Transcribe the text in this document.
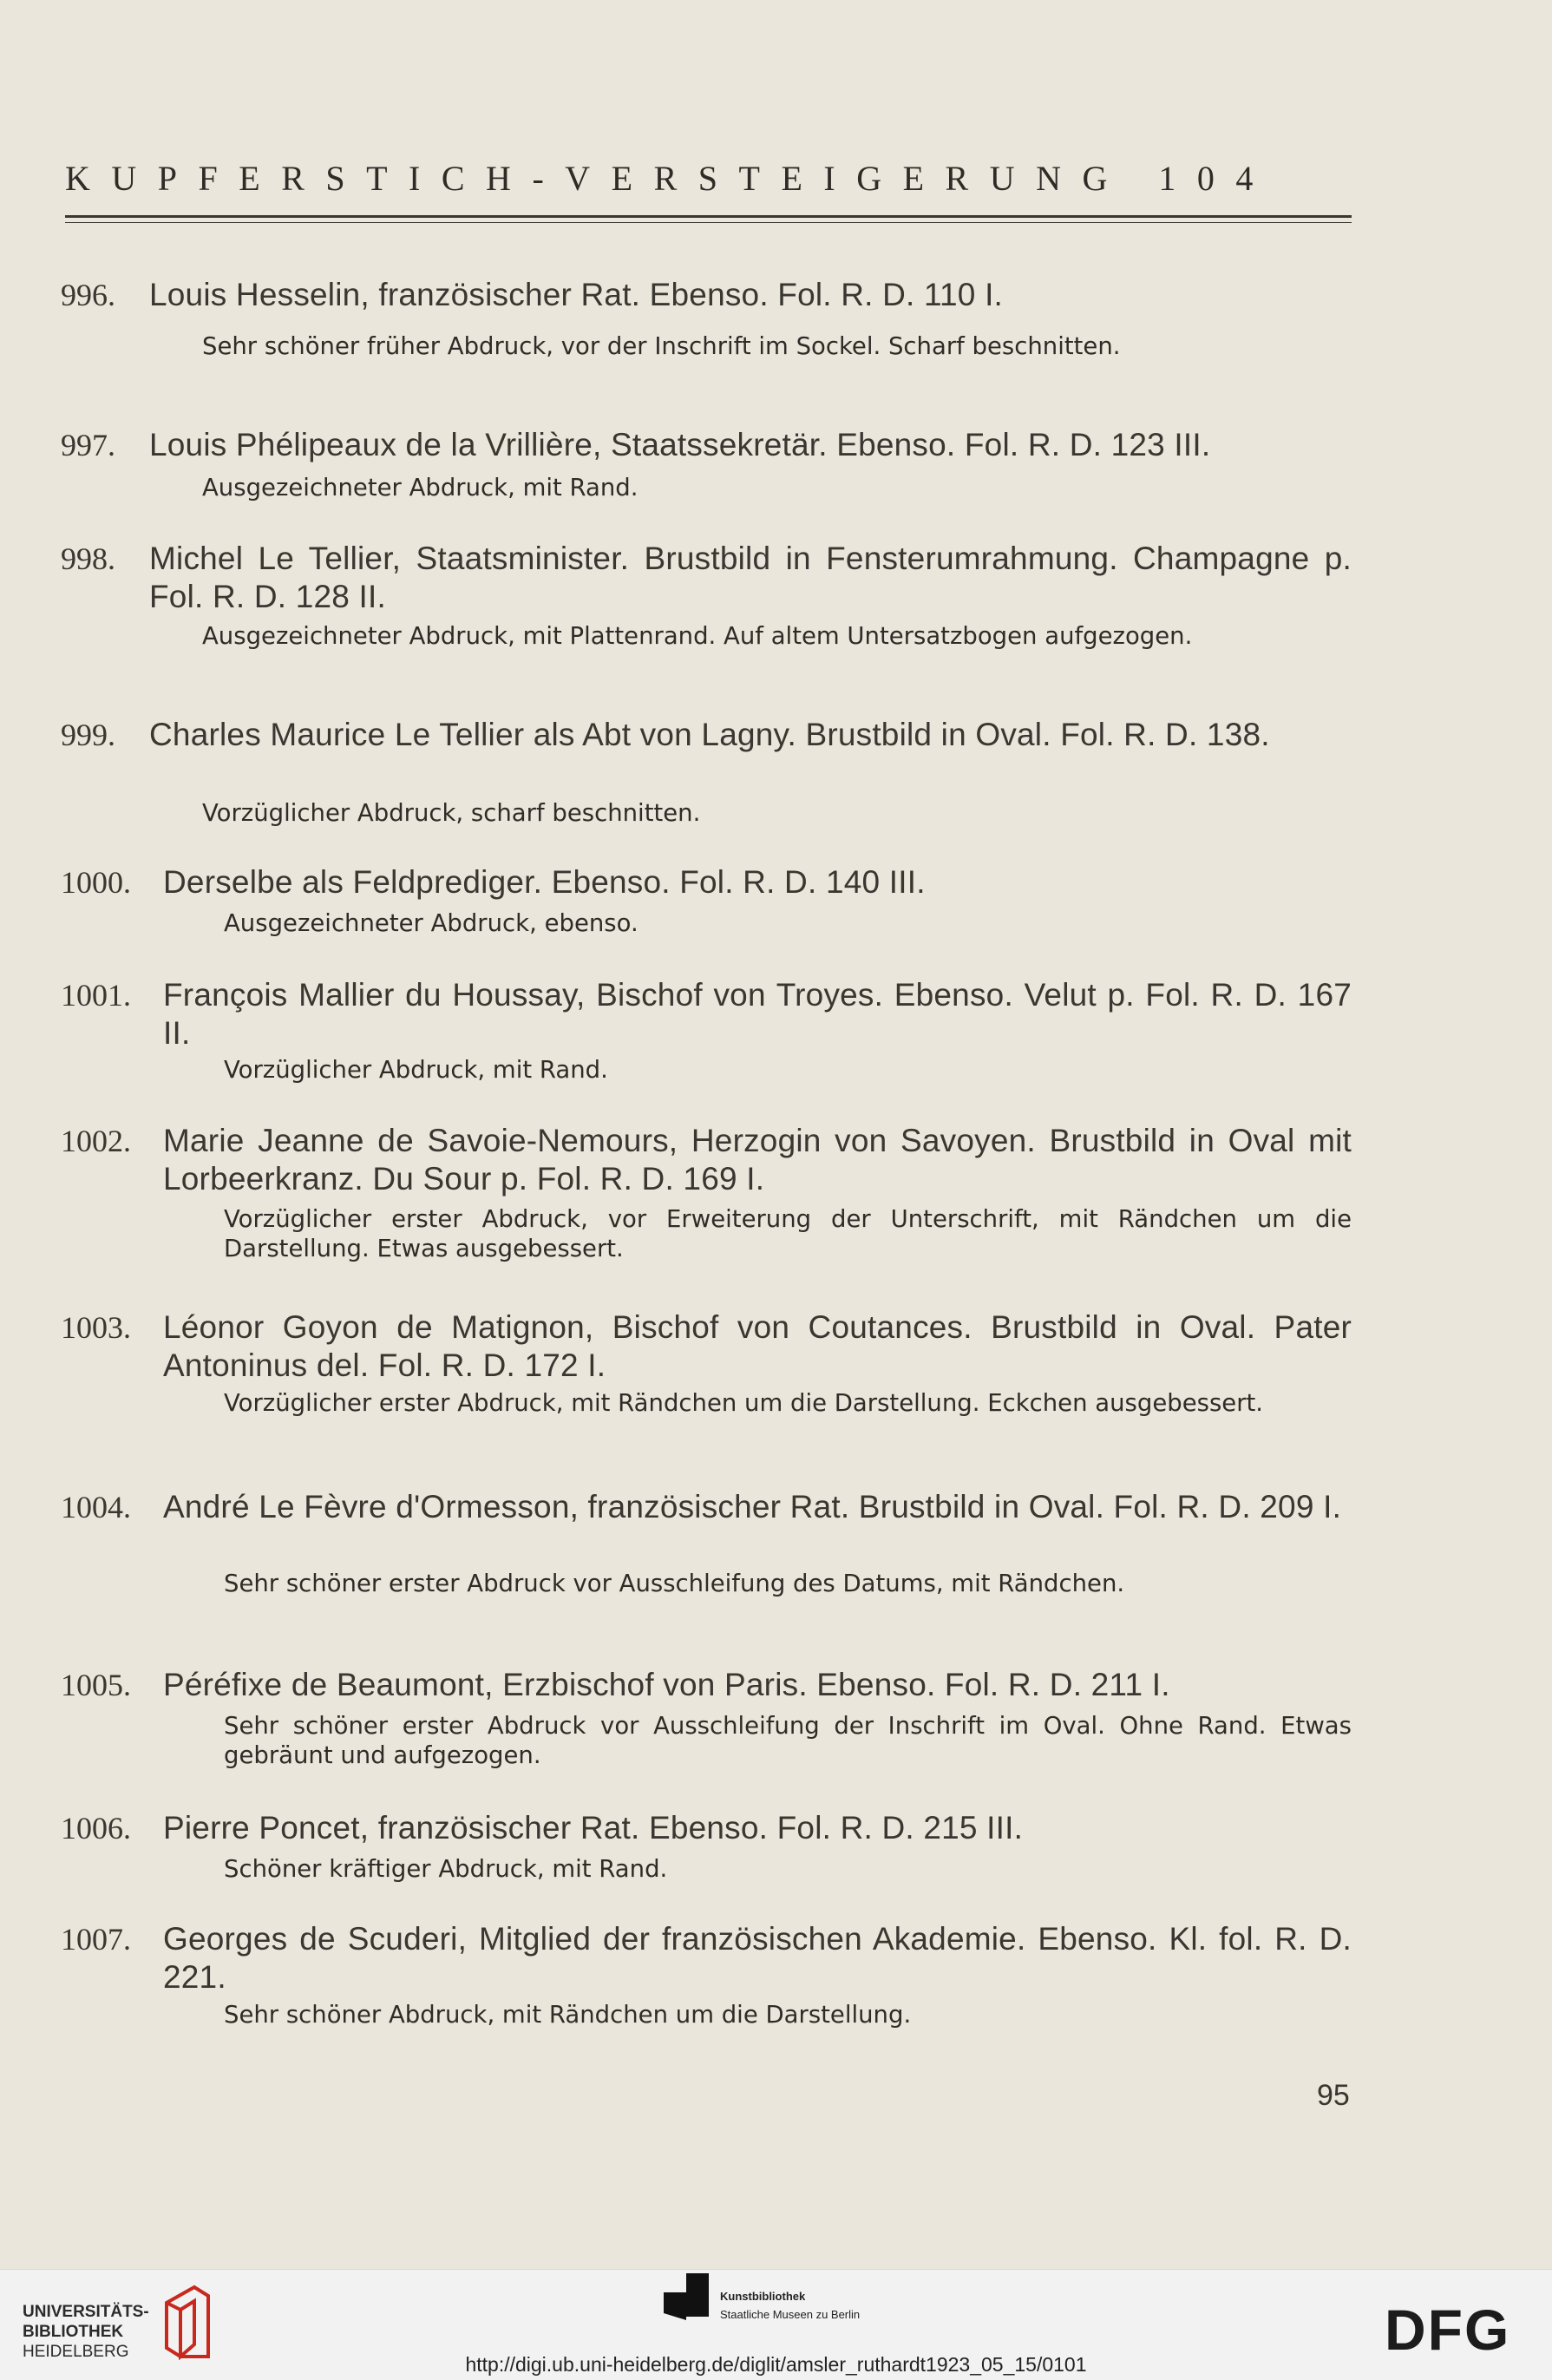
KUPFERSTICH-VERSTEIGERUNG 104
996. Louis Hesselin, französischer Rat. Ebenso. Fol. R. D. 110 I.
Sehr schöner früher Abdruck, vor der Inschrift im Sockel. Scharf beschnitten.
997. Louis Phélipeaux de la Vrillière, Staatssekretär. Ebenso. Fol. R. D. 123 III.
Ausgezeichneter Abdruck, mit Rand.
998. Michel Le Tellier, Staatsminister. Brustbild in Fensterumrahmung. Champagne p. Fol. R. D. 128 II.
Ausgezeichneter Abdruck, mit Plattenrand. Auf altem Untersatzbogen aufgezogen.
999. Charles Maurice Le Tellier als Abt von Lagny. Brustbild in Oval. Fol. R. D. 138.
Vorzüglicher Abdruck, scharf beschnitten.
1000. Derselbe als Feldprediger. Ebenso. Fol. R. D. 140 III.
Ausgezeichneter Abdruck, ebenso.
1001. François Mallier du Houssay, Bischof von Troyes. Ebenso. Velut p. Fol. R. D. 167 II.
Vorzüglicher Abdruck, mit Rand.
1002. Marie Jeanne de Savoie-Nemours, Herzogin von Savoyen. Brustbild in Oval mit Lorbeerkranz. Du Sour p. Fol. R. D. 169 I.
Vorzüglicher erster Abdruck, vor Erweiterung der Unterschrift, mit Rändchen um die Darstellung. Etwas ausgebessert.
1003. Léonor Goyon de Matignon, Bischof von Coutances. Brustbild in Oval. Pater Antoninus del. Fol. R. D. 172 I.
Vorzüglicher erster Abdruck, mit Rändchen um die Darstellung. Eckchen ausgebessert.
1004. André Le Fèvre d'Ormesson, französischer Rat. Brustbild in Oval. Fol. R. D. 209 I.
Sehr schöner erster Abdruck vor Ausschleifung des Datums, mit Rändchen.
1005. Péréfixe de Beaumont, Erzbischof von Paris. Ebenso. Fol. R. D. 211 I.
Sehr schöner erster Abdruck vor Ausschleifung der Inschrift im Oval. Ohne Rand. Etwas gebräunt und aufgezogen.
1006. Pierre Poncet, französischer Rat. Ebenso. Fol. R. D. 215 III.
Schöner kräftiger Abdruck, mit Rand.
1007. Georges de Scuderi, Mitglied der französischen Akademie. Ebenso. Kl. fol. R. D. 221.
Sehr schöner Abdruck, mit Rändchen um die Darstellung.
95
UNIVERSITÄTS-
BIBLIOTHEK
HEIDELBERG
Kunstbibliothek
Staatliche Museen zu Berlin	DFG
http://digi.ub.uni-heidelberg.de/diglit/amsler_ruthardt1923_05_15/0101
